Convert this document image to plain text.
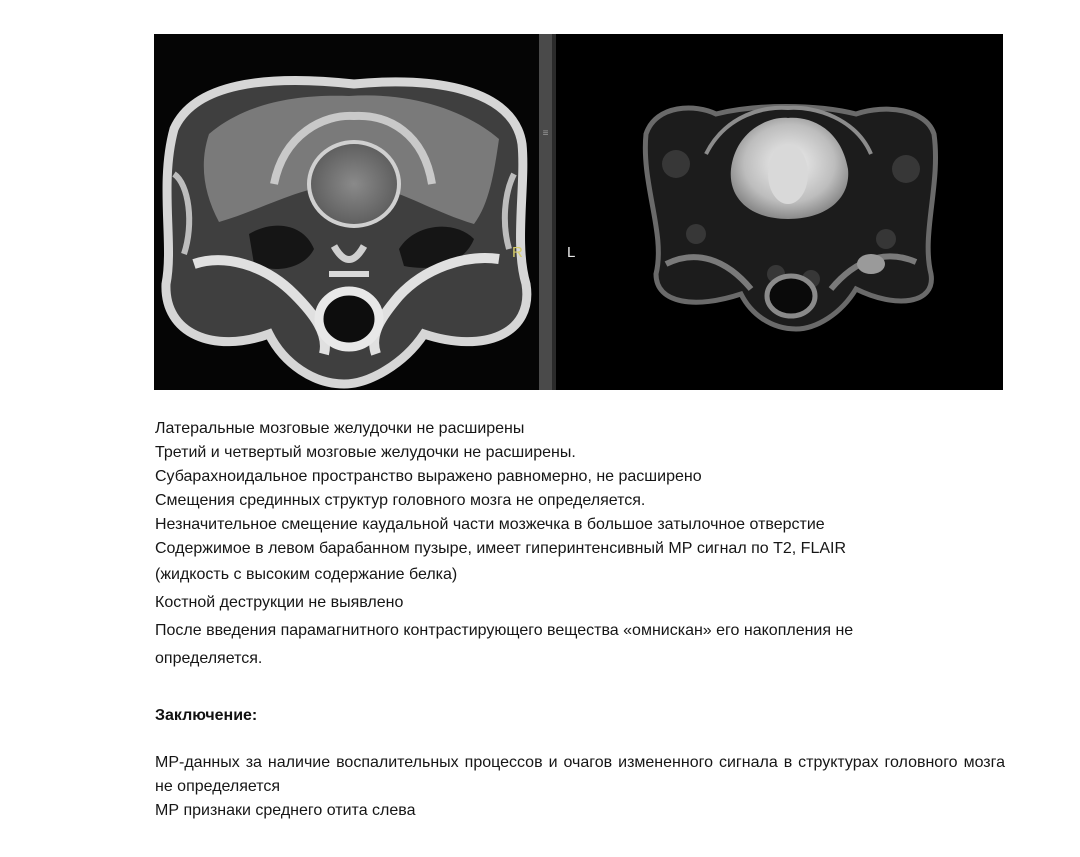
≡
R	L

Латеральные мозговые желудочки не расширены

Третий и четвертый мозговые желудочки не расширены.

Субарахноидальное пространство выражено равномерно, не расширено

Смещения срединных структур головного мозга не определяется.

Незначительное смещение каудальной части мозжечка в большое затылочное отверстие

Содержимое в левом барабанном пузыре, имеет гиперинтенсивный МР сигнал по Т2, FLAIR

(жидкость с высоким содержание белка)

Костной деструкции не выявлено

После введения парамагнитного контрастирующего вещества «омнискан» его накопления не

определяется.

Заключение:

МР-данных за наличие воспалительных процессов и очагов измененного сигнала в структурах головного мозга не определяется

МР признаки среднего отита слева
